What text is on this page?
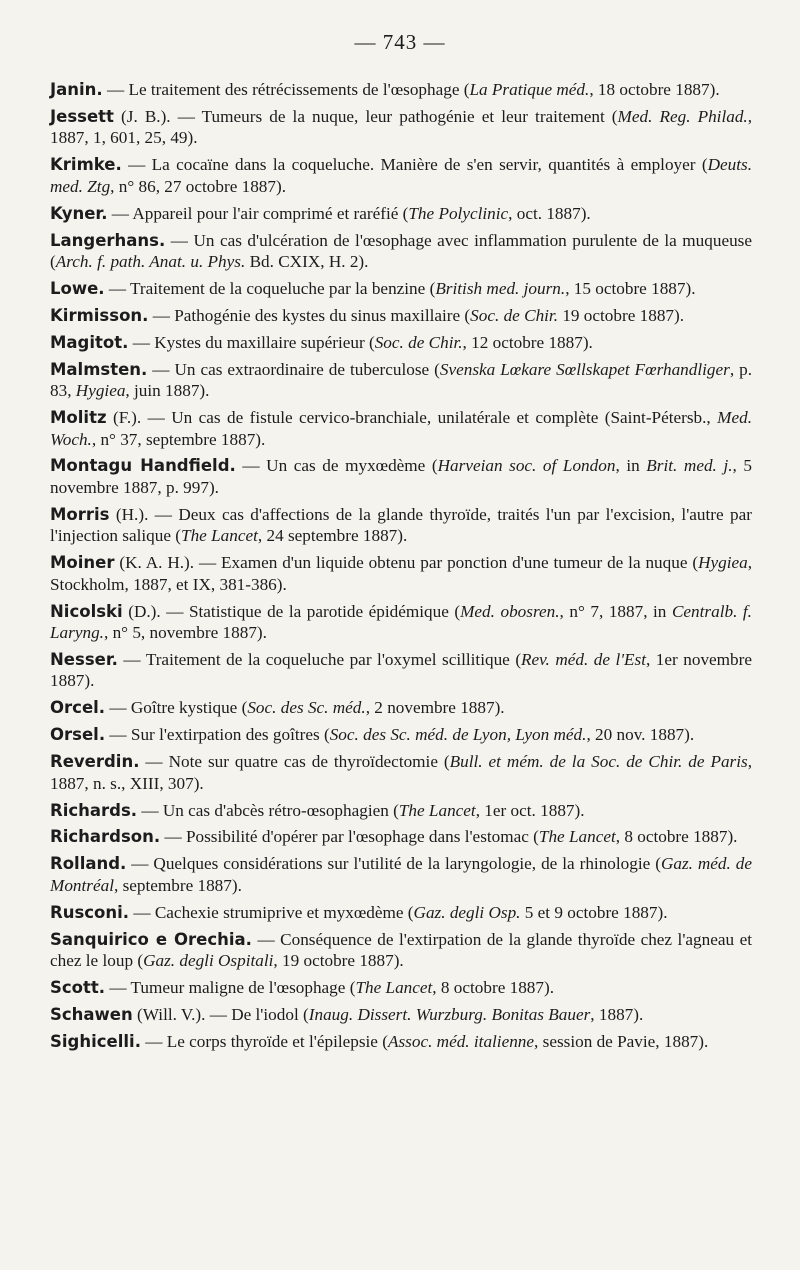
— 743 —

Janin. — Le traitement des rétrécissements de l'œsophage (La Pratique méd., 18 octobre 1887).

Jessett (J. B.). — Tumeurs de la nuque, leur pathogénie et leur traitement (Med. Reg. Philad., 1887, 1, 601, 25, 49).

Krimke. — La cocaïne dans la coqueluche. Manière de s'en servir, quantités à employer (Deuts. med. Ztg, n° 86, 27 octobre 1887).

Kyner. — Appareil pour l'air comprimé et raréfié (The Polyclinic, oct. 1887).

Langerhans. — Un cas d'ulcération de l'œsophage avec inflammation purulente de la muqueuse (Arch. f. path. Anat. u. Phys. Bd. CXIX, H. 2).

Lowe. — Traitement de la coqueluche par la benzine (British med. journ., 15 octobre 1887).

Kirmisson. — Pathogénie des kystes du sinus maxillaire (Soc. de Chir. 19 octobre 1887).

Magitot. — Kystes du maxillaire supérieur (Soc. de Chir., 12 octobre 1887).

Malmsten. — Un cas extraordinaire de tuberculose (Svenska Lœkare Sœllskapet Fœrhandliger, p. 83, Hygiea, juin 1887).

Molitz (F.). — Un cas de fistule cervico-branchiale, unilatérale et complète (Saint-Pétersb., Med. Woch., n° 37, septembre 1887).

Montagu Handfield. — Un cas de myxœdème (Harveian soc. of London, in Brit. med. j., 5 novembre 1887, p. 997).

Morris (H.). — Deux cas d'affections de la glande thyroïde, traités l'un par l'excision, l'autre par l'injection salique (The Lancet, 24 septembre 1887).

Moiner (K. A. H.). — Examen d'un liquide obtenu par ponction d'une tumeur de la nuque (Hygiea, Stockholm, 1887, et IX, 381-386).

Nicolski (D.). — Statistique de la parotide épidémique (Med. obosren., n° 7, 1887, in Centralb. f. Laryng., n° 5, novembre 1887).

Nesser. — Traitement de la coqueluche par l'oxymel scillitique (Rev. méd. de l'Est, 1er novembre 1887).

Orcel. — Goître kystique (Soc. des Sc. méd., 2 novembre 1887).

Orsel. — Sur l'extirpation des goîtres (Soc. des Sc. méd. de Lyon, Lyon méd., 20 nov. 1887).

Reverdin. — Note sur quatre cas de thyroïdectomie (Bull. et mém. de la Soc. de Chir. de Paris, 1887, n. s., XIII, 307).

Richards. — Un cas d'abcès rétro-œsophagien (The Lancet, 1er oct. 1887).

Richardson. — Possibilité d'opérer par l'œsophage dans l'estomac (The Lancet, 8 octobre 1887).

Rolland. — Quelques considérations sur l'utilité de la laryngologie, de la rhinologie (Gaz. méd. de Montréal, septembre 1887).

Rusconi. — Cachexie strumiprive et myxœdème (Gaz. degli Osp. 5 et 9 octobre 1887).

Sanquirico e Orechia. — Conséquence de l'extirpation de la glande thyroïde chez l'agneau et chez le loup (Gaz. degli Ospitali, 19 octobre 1887).

Scott. — Tumeur maligne de l'œsophage (The Lancet, 8 octobre 1887).

Schawen (Will. V.). — De l'iodol (Inaug. Dissert. Wurzburg. Bonitas Bauer, 1887).

Sighicelli. — Le corps thyroïde et l'épilepsie (Assoc. méd. italienne, session de Pavie, 1887).
